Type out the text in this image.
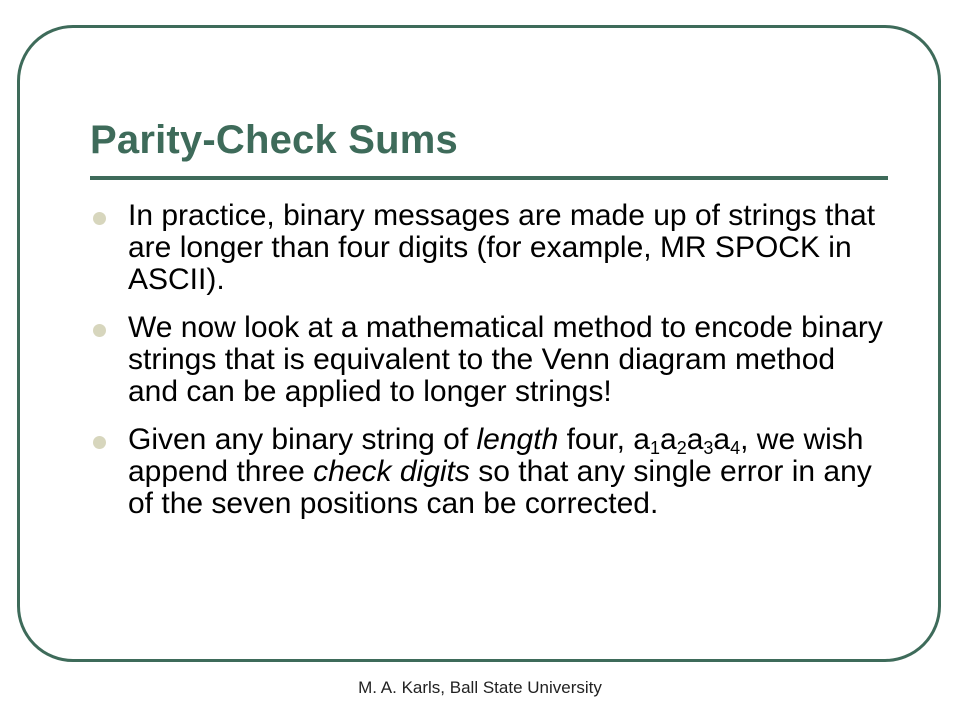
Parity-Check Sums
In practice, binary messages are made up of strings that are longer than four digits (for example, MR SPOCK in ASCII).
We now look at a mathematical method to encode binary strings that is equivalent to the Venn diagram method and can be applied to longer strings!
Given any binary string of length four, $a_1a_2a_3a_4$, we wish append three check digits so that any single error in any of the seven positions can be corrected.
M. A. Karls, Ball State University
